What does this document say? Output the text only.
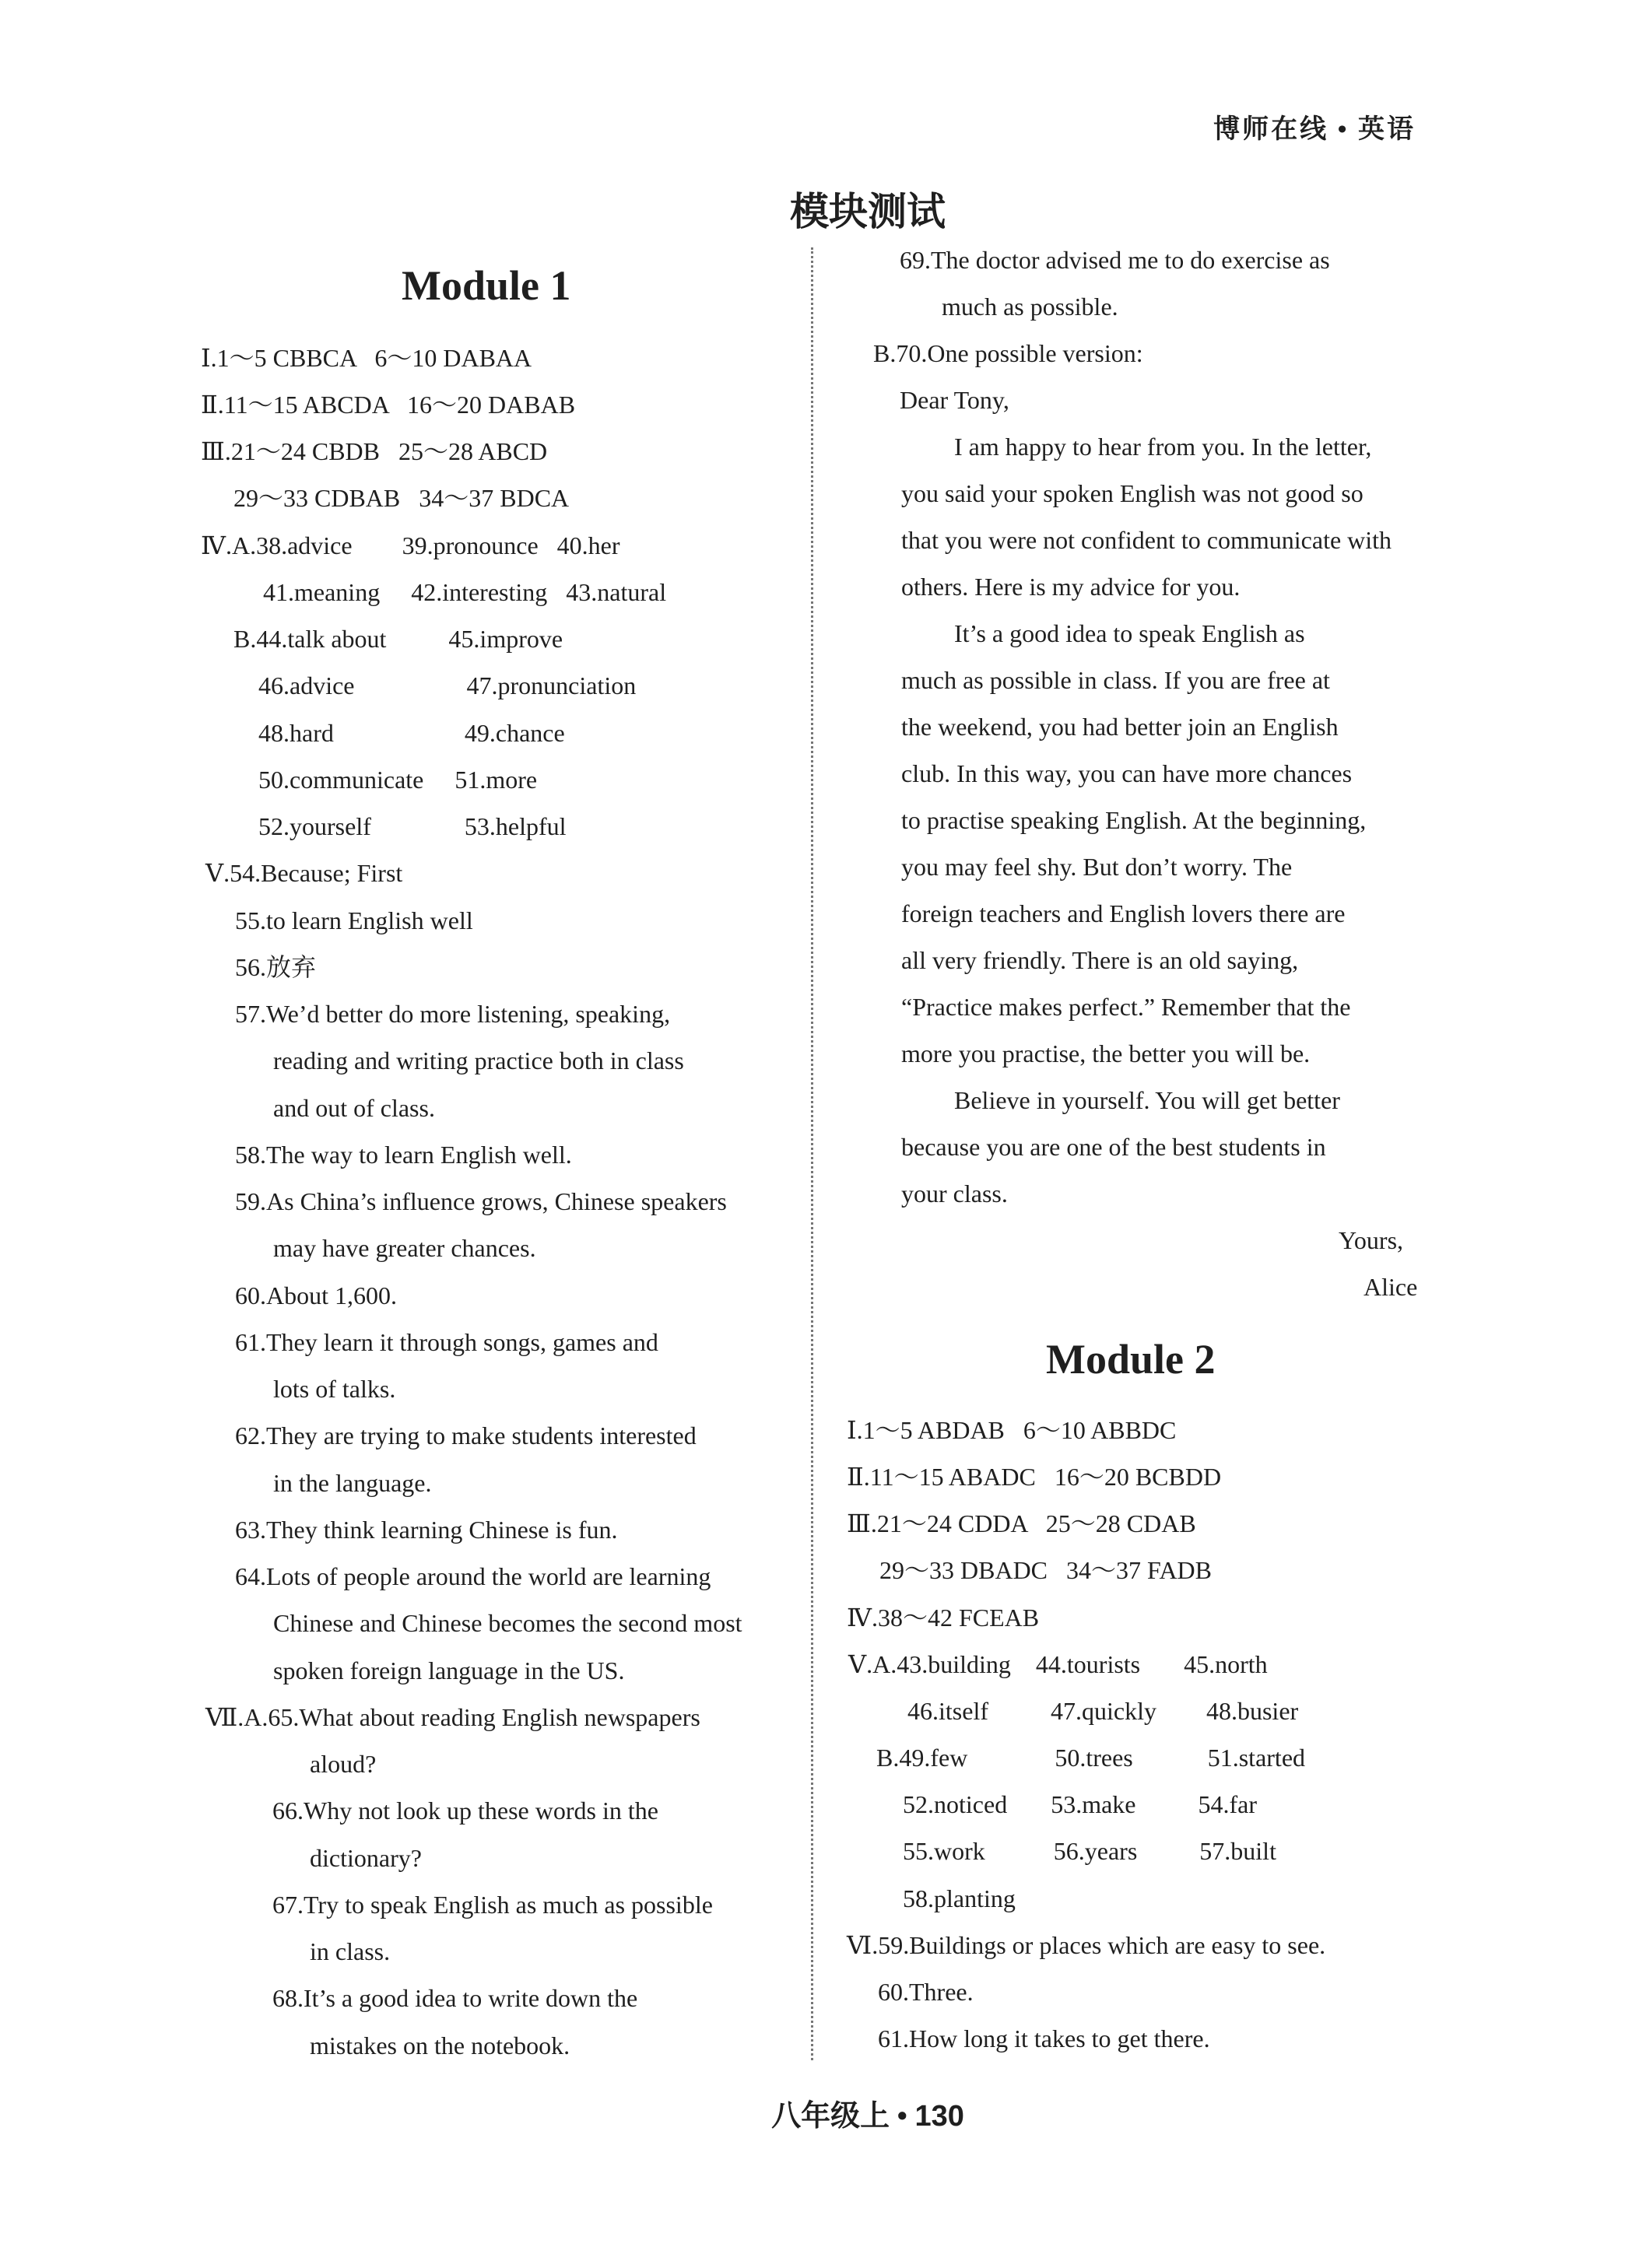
博师在线 • 英语
模块测试
Module 1
Ⅰ.1～5 CBBCA   6～10 DABAA
Ⅱ.11～15 ABCDA   16～20 DABAB
Ⅲ.21～24 CBDB   25～28 ABCD
29～33 CDBAB   34～37 BDCA
Ⅳ.A.38.advice        39.pronounce   40.her
41.meaning     42.interesting   43.natural
B.44.talk about          45.improve
46.advice                  47.pronunciation
48.hard                     49.chance
50.communicate     51.more
52.yourself               53.helpful
Ⅴ.54.Because; First
55.to learn English well
56.放弃
57.We’d better do more listening, speaking,
reading and writing practice both in class
and out of class.
58.The way to learn English well.
59.As China’s influence grows, Chinese speakers
may have greater chances.
60.About 1,600.
61.They learn it through songs, games and
lots of talks.
62.They are trying to make students interested
in the language.
63.They think learning Chinese is fun.
64.Lots of people around the world are learning
Chinese and Chinese becomes the second most
spoken foreign language in the US.
Ⅶ.A.65.What about reading English newspapers
aloud?
66.Why not look up these words in the
dictionary?
67.Try to speak English as much as possible
in class.
68.It’s a good idea to write down the
mistakes on the notebook.
69.The doctor advised me to do exercise as
much as possible.
B.70.One possible version:
Dear Tony,
I am happy to hear from you. In the letter,
you said your spoken English was not good so
that you were not confident to communicate with
others. Here is my advice for you.
It’s a good idea to speak English as
much as possible in class. If you are free at
the weekend, you had better join an English
club. In this way, you can have more chances
to practise speaking English. At the beginning,
you may feel shy. But don’t worry. The
foreign teachers and English lovers there are
all very friendly. There is an old saying,
“Practice makes perfect.” Remember that the
more you practise, the better you will be.
Believe in yourself. You will get better
because you are one of the best students in
your class.
Yours,
Alice
Module 2
Ⅰ.1～5 ABDAB   6～10 ABBDC
Ⅱ.11～15 ABADC   16～20 BCBDD
Ⅲ.21～24 CDDA   25～28 CDAB
29～33 DBADC   34～37 FADB
Ⅳ.38～42 FCEAB
Ⅴ.A.43.building    44.tourists       45.north
46.itself          47.quickly        48.busier
B.49.few              50.trees            51.started
52.noticed       53.make          54.far
55.work           56.years          57.built
58.planting
Ⅵ.59.Buildings or places which are easy to see.
60.Three.
61.How long it takes to get there.
八年级上 • 130
